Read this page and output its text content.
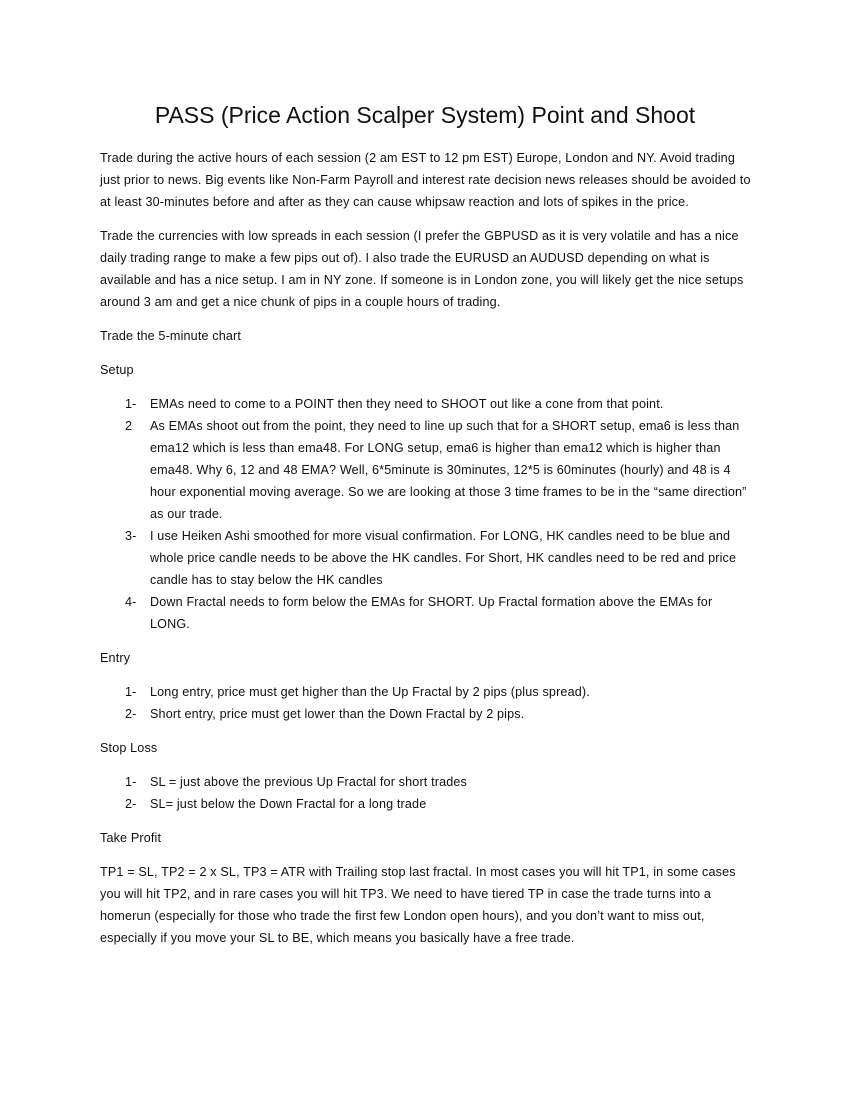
PASS (Price Action Scalper System) Point and Shoot

Trade during the active hours of each session (2 am EST to 12 pm EST) Europe, London and NY. Avoid trading just prior to news. Big events like Non-Farm Payroll and interest rate decision news releases should be avoided to at least 30-minutes before and after as they can cause whipsaw reaction and lots of spikes in the price.

Trade the currencies with low spreads in each session (I prefer the GBPUSD as it is very volatile and has a nice daily trading range to make a few pips out of). I also trade the EURUSD an AUDUSD depending on what is available and has a nice setup. I am in NY zone. If someone is in London zone, you will likely get the nice setups around 3 am and get a nice chunk of pips in a couple hours of trading.

Trade the 5-minute chart

Setup

1- EMAs need to come to a POINT then they need to SHOOT out like a cone from that point.
2 As EMAs shoot out from the point, they need to line up such that for a SHORT setup, ema6 is less than ema12 which is less than ema48. For LONG setup, ema6 is higher than ema12 which is higher than ema48. Why 6, 12 and 48 EMA? Well, 6*5minute is 30minutes, 12*5 is 60minutes (hourly) and 48 is 4 hour exponential moving average. So we are looking at those 3 time frames to be in the “same direction” as our trade.
3- I use Heiken Ashi smoothed for more visual confirmation. For LONG, HK candles need to be blue and whole price candle needs to be above the HK candles. For Short, HK candles need to be red and price candle has to stay below the HK candles
4- Down Fractal needs to form below the EMAs for SHORT. Up Fractal formation above the EMAs for LONG.

Entry

1- Long entry, price must get higher than the Up Fractal by 2 pips (plus spread).
2- Short entry, price must get lower than the Down Fractal by 2 pips.

Stop Loss

1- SL = just above the previous Up Fractal for short trades
2- SL= just below the Down Fractal for a long trade

Take Profit

TP1 = SL, TP2 = 2 x SL, TP3 = ATR with Trailing stop last fractal. In most cases you will hit TP1, in some cases you will hit TP2, and in rare cases you will hit TP3. We need to have tiered TP in case the trade turns into a homerun (especially for those who trade the first few London open hours), and you don’t want to miss out, especially if you move your SL to BE, which means you basically have a free trade.
